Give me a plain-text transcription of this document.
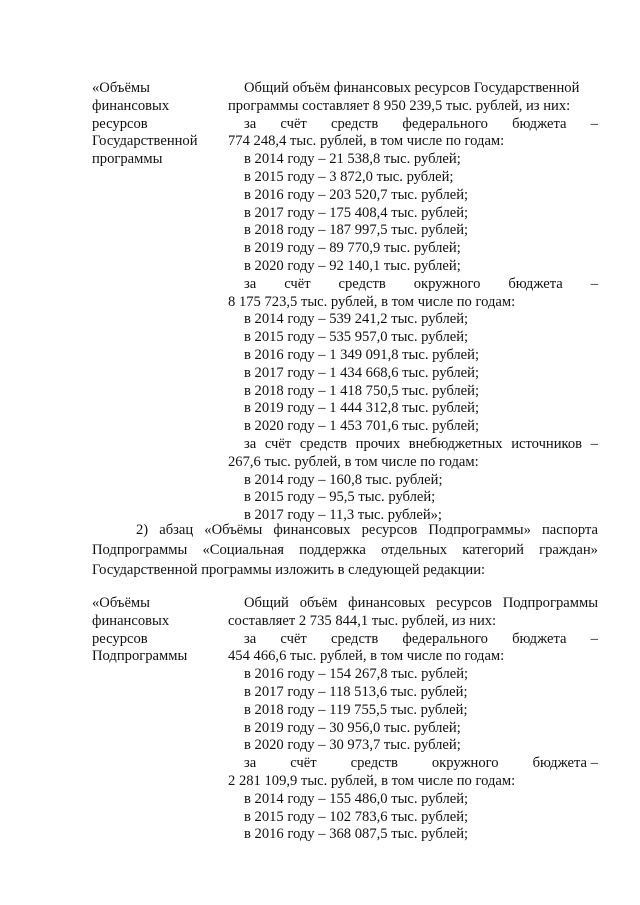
«Объёмы
финансовых
ресурсов
Государственной
программы
Общий объём финансовых ресурсов Государственной
программы составляет 8 950 239,5 тыс. рублей, из них:
за счёт средств федерального бюджета –
774 248,4 тыс. рублей, в том числе по годам:
в 2014 году – 21 538,8 тыс. рублей;
в 2015 году – 3 872,0 тыс. рублей;
в 2016 году – 203 520,7 тыс. рублей;
в 2017 году – 175 408,4 тыс. рублей;
в 2018 году – 187 997,5 тыс. рублей;
в 2019 году – 89 770,9 тыс. рублей;
в 2020 году – 92 140,1 тыс. рублей;
за счёт средств окружного бюджета –
8 175 723,5 тыс. рублей, в том числе по годам:
в 2014 году – 539 241,2 тыс. рублей;
в 2015 году – 535 957,0 тыс. рублей;
в 2016 году – 1 349 091,8 тыс. рублей;
в 2017 году – 1 434 668,6 тыс. рублей;
в 2018 году – 1 418 750,5 тыс. рублей;
в 2019 году – 1 444 312,8 тыс. рублей;
в 2020 году – 1 453 701,6 тыс. рублей;
за счёт средств прочих внебюджетных источников –
267,6 тыс. рублей, в том числе по годам:
в 2014 году – 160,8 тыс. рублей;
в 2015 году – 95,5 тыс. рублей;
в 2017 году – 11,3 тыс. рублей»;
2) абзац «Объёмы финансовых ресурсов Подпрограммы» паспорта
Подпрограммы «Социальная поддержка отдельных категорий граждан»
Государственной программы изложить в следующей редакции:
«Объёмы
финансовых
ресурсов
Подпрограммы
Общий объём финансовых ресурсов Подпрограммы
составляет 2 735 844,1 тыс. рублей, из них:
за счёт средств федерального бюджета –
454 466,6 тыс. рублей, в том числе по годам:
в 2016 году – 154 267,8 тыс. рублей;
в 2017 году – 118 513,6 тыс. рублей;
в 2018 году – 119 755,5 тыс. рублей;
в 2019 году – 30 956,0 тыс. рублей;
в 2020 году – 30 973,7 тыс. рублей;
за счёт средств окружного бюджета –
2 281 109,9 тыс. рублей, в том числе по годам:
в 2014 году – 155 486,0 тыс. рублей;
в 2015 году – 102 783,6 тыс. рублей;
в 2016 году – 368 087,5 тыс. рублей;
